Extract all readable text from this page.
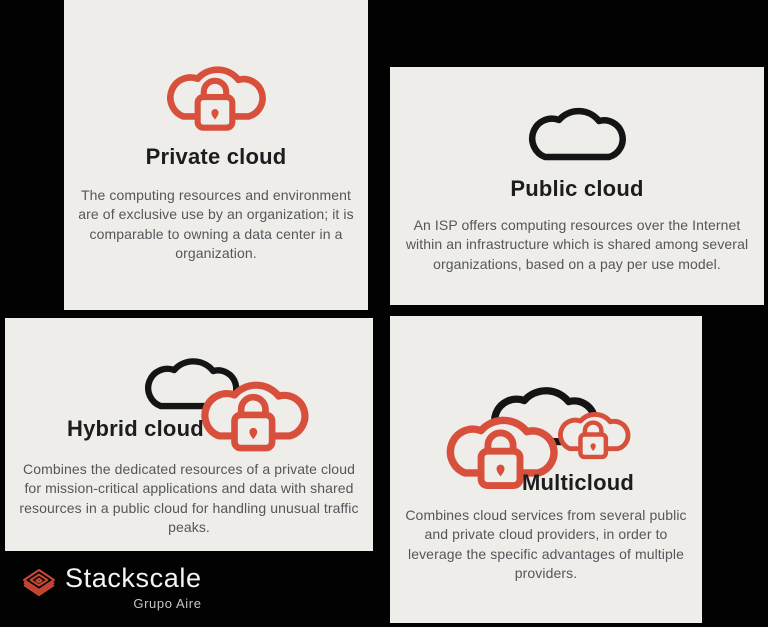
Private cloud

The computing resources and environment are of exclusive use by an organization; it is comparable to owning a data center in a organization.

Public cloud

An ISP offers computing resources over the Internet within an infrastructure which is shared among several organizations, based on a pay per use model.

Hybrid cloud

Combines the dedicated resources of a private cloud for mission-critical applications and data with shared resources in a public cloud for handling unusual traffic peaks.

Multicloud

Combines cloud services from several public and private cloud providers, in order to leverage the specific advantages of multiple providers.

Stackscale
Grupo Aire
